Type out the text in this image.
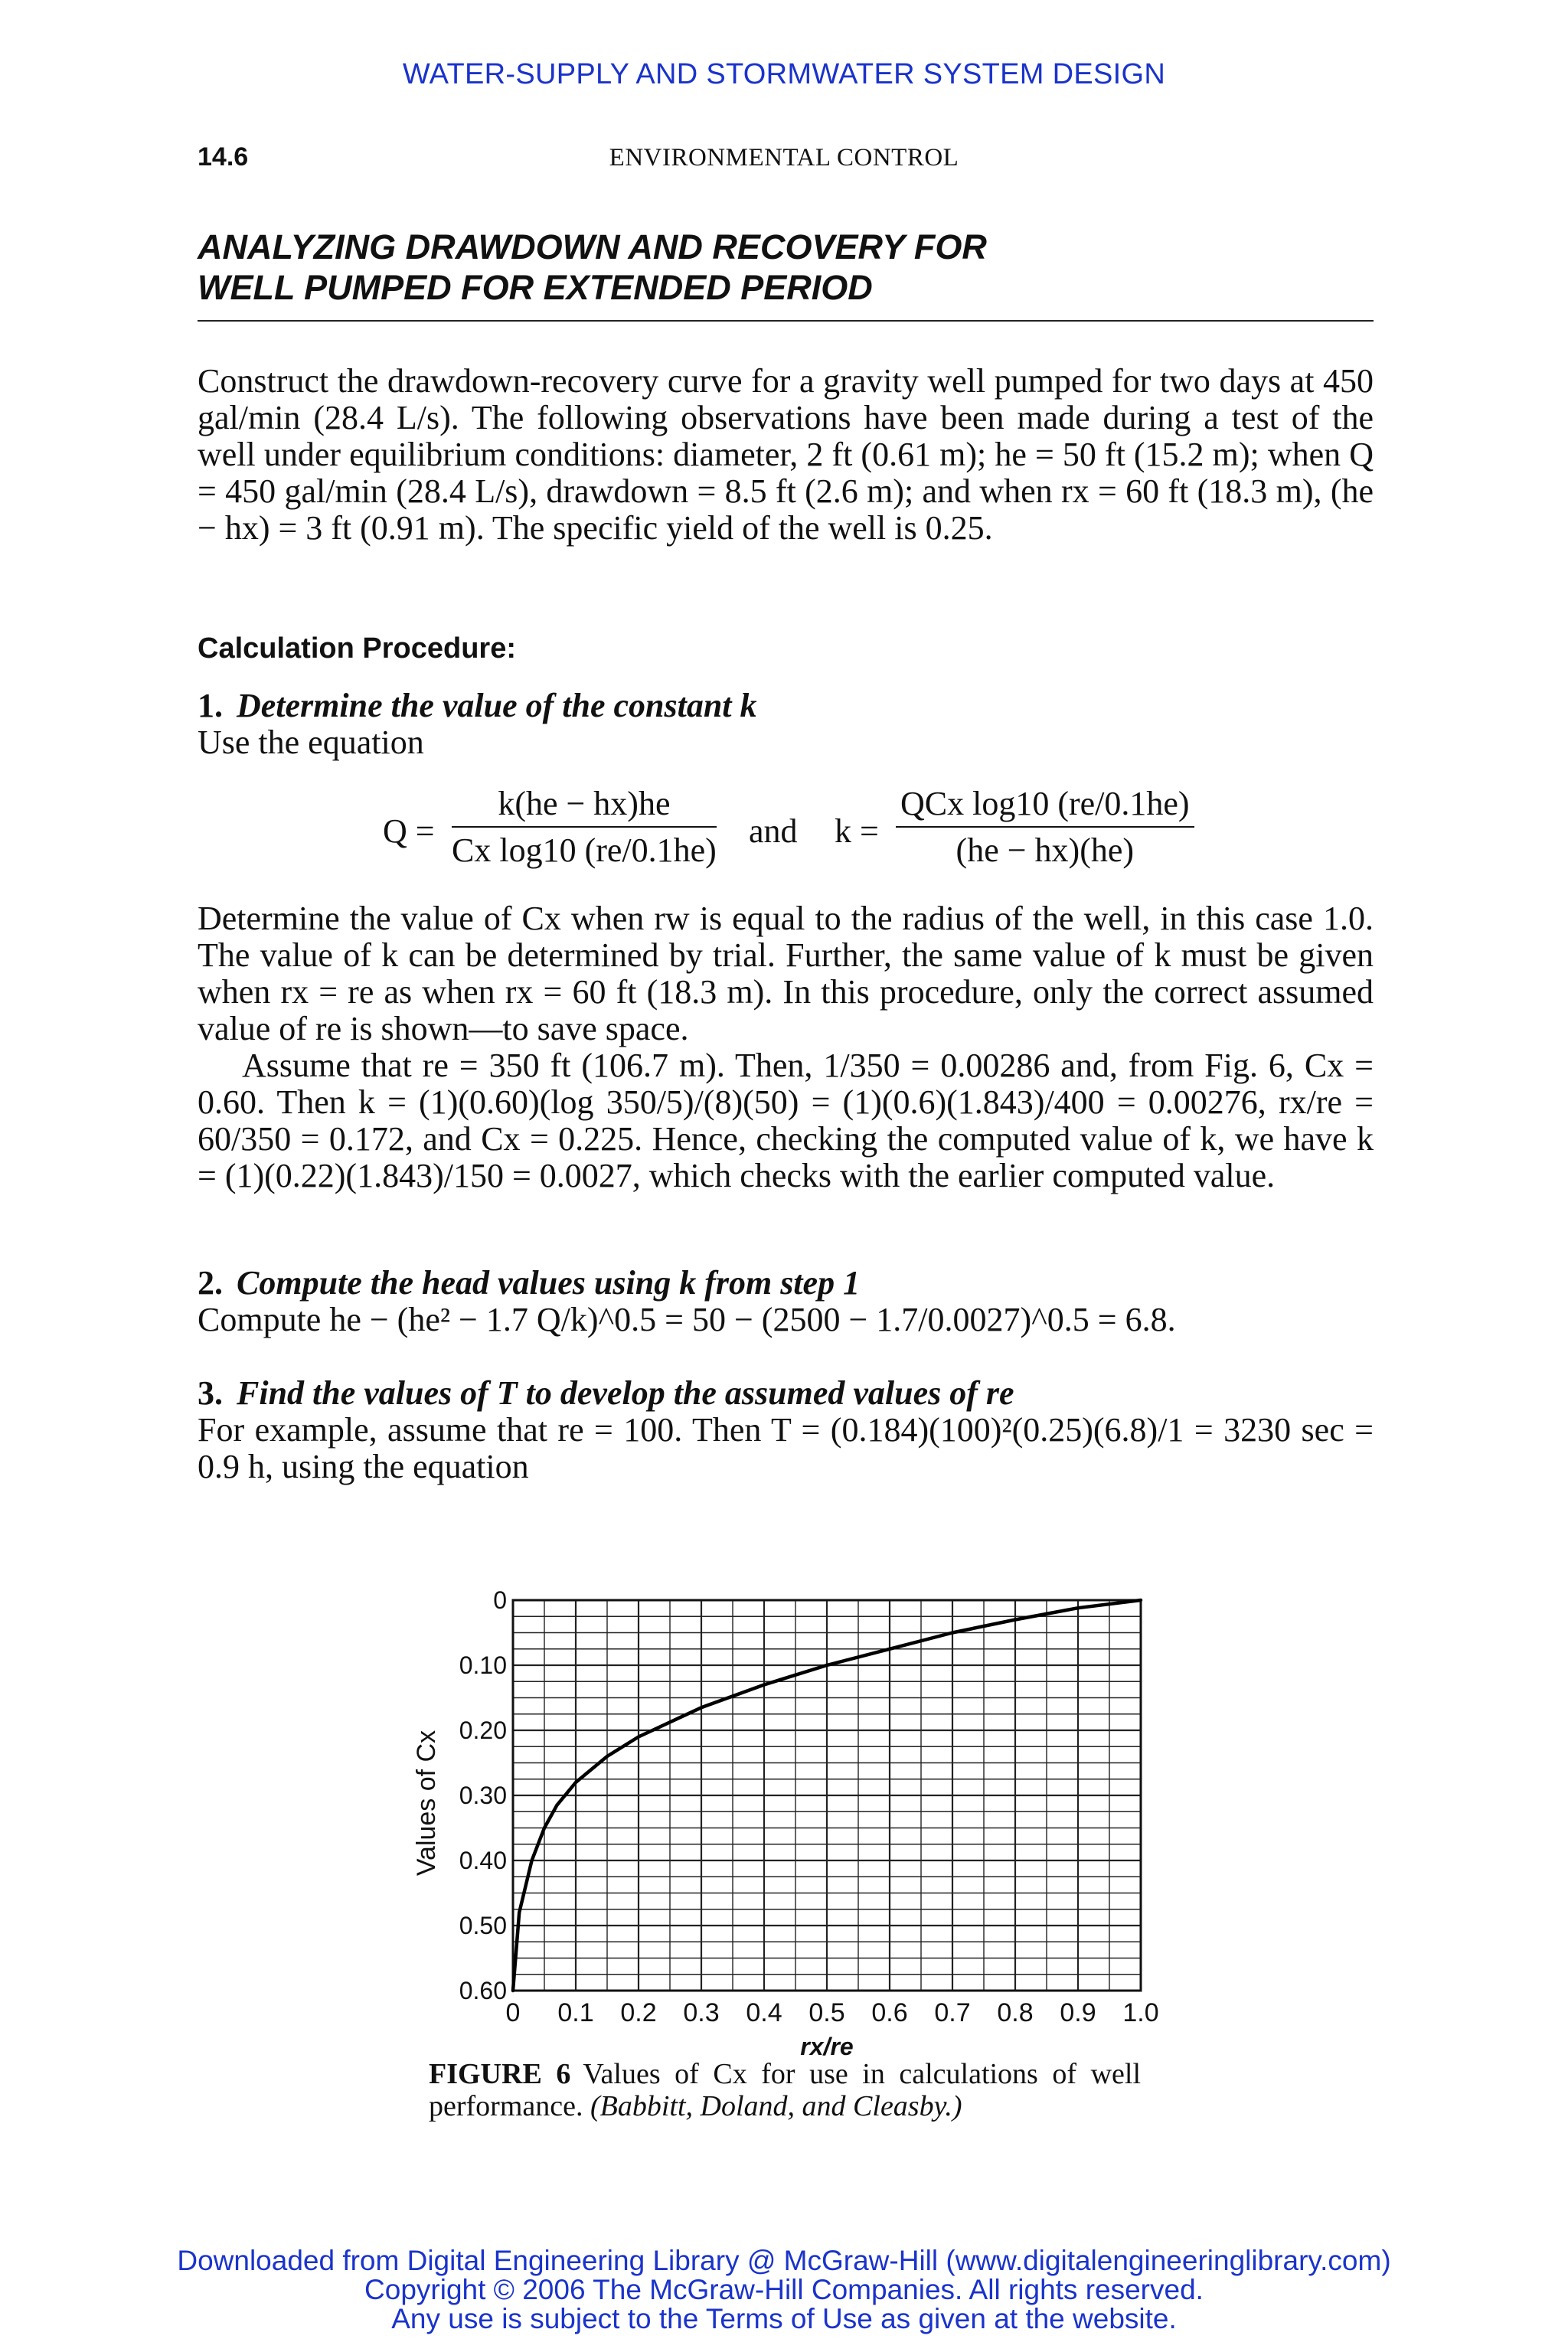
WATER-SUPPLY AND STORMWATER SYSTEM DESIGN
14.6	ENVIRONMENTAL CONTROL
ANALYZING DRAWDOWN AND RECOVERY FOR
WELL PUMPED FOR EXTENDED PERIOD
Construct the drawdown-recovery curve for a gravity well pumped for two days at 450 gal/min (28.4 L/s). The following observations have been made during a test of the well under equilibrium conditions: diameter, 2 ft (0.61 m); he = 50 ft (15.2 m); when Q = 450 gal/min (28.4 L/s), drawdown = 8.5 ft (2.6 m); and when rx = 60 ft (18.3 m), (he − hx) = 3 ft (0.91 m). The specific yield of the well is 0.25.
Calculation Procedure:
1. Determine the value of the constant k
Use the equation
$Q = \frac{k(he - hx)he}{\text{Cx log10 (re/0.1he)}}$ and k =
QCx log10 (re/0.1he)
(he − hx)(he)
Determine the value of Cx when rw is equal to the radius of the well, in this case 1.0. The value of k can be determined by trial. Further, the same value of k must be given when rx = re as when rx = 60 ft (18.3 m). In this procedure, only the correct assumed value of re is shown—to save space.
Assume that re = 350 ft (106.7 m). Then, 1/350 = 0.00286 and, from Fig. 6, Cx = 0.60. Then k = (1)(0.60)(log 350/5)/(8)(50) = (1)(0.6)(1.843)/400 = 0.00276, rx/re = 60/350 = 0.172, and Cx = 0.225. Hence, checking the computed value of k, we have k = (1)(0.22)(1.843)/150 = 0.0027, which checks with the earlier computed value.
2. Compute the head values using k from step 1
Compute he − (he² − 1.7 Q/k)^0.5 = 50 − (2500 − 1.7/0.0027)^0.5 = 6.8.
3. Find the values of T to develop the assumed values of re
For example, assume that re = 100. Then T = (0.184)(100)²(0.25)(6.8)/1 = 3230 sec = 0.9 h, using the equation
0 0.1 0.2 0.3 0.4 0.5 0.6 0.7 0.8 0.9 1.0
0
0.10
0.20
0.30
0.40
0.50
0.60
rx/re
Values of Cx
FIGURE 6 Values of Cx for use in calculations of well performance. (Babbitt, Doland, and Cleasby.)
Downloaded from Digital Engineering Library @ McGraw-Hill (www.digitalengineeringlibrary.com)
Copyright © 2006 The McGraw-Hill Companies. All rights reserved.
Any use is subject to the Terms of Use as given at the website.
